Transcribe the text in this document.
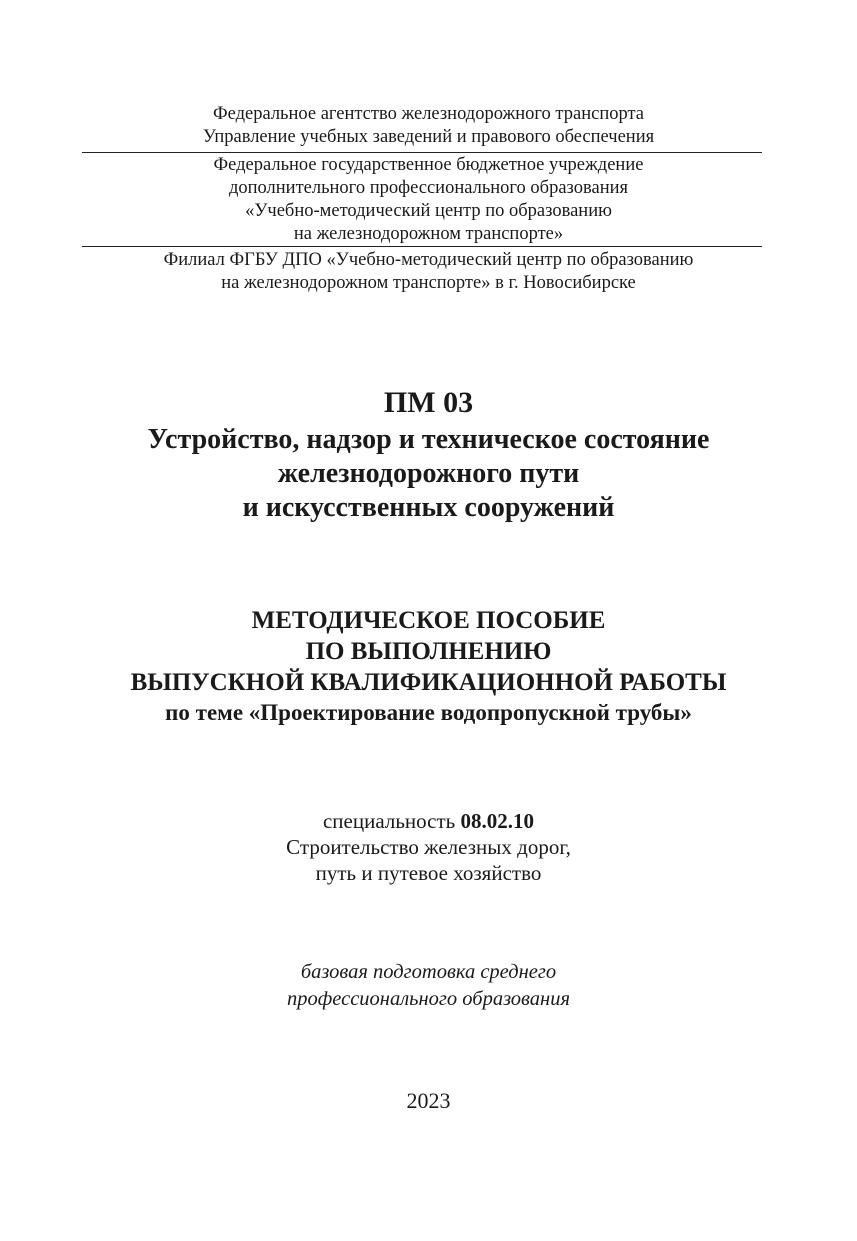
Федеральное агентство железнодорожного транспорта
Управление учебных заведений и правового обеспечения
Федеральное государственное бюджетное учреждение
дополнительного профессионального образования
«Учебно-методический центр по образованию
на железнодорожном транспорте»
Филиал ФГБУ ДПО «Учебно-методический центр по образованию
на железнодорожном транспорте» в г. Новосибирске
ПМ 03
Устройство, надзор и техническое состояние
железнодорожного пути
и искусственных сооружений
МЕТОДИЧЕСКОЕ ПОСОБИЕ
ПО ВЫПОЛНЕНИЮ
ВЫПУСКНОЙ КВАЛИФИКАЦИОННОЙ РАБОТЫ
по теме «Проектирование водопропускной трубы»
специальность 08.02.10
Строительство железных дорог,
путь и путевое хозяйство
базовая подготовка среднего
профессионального образования
2023
